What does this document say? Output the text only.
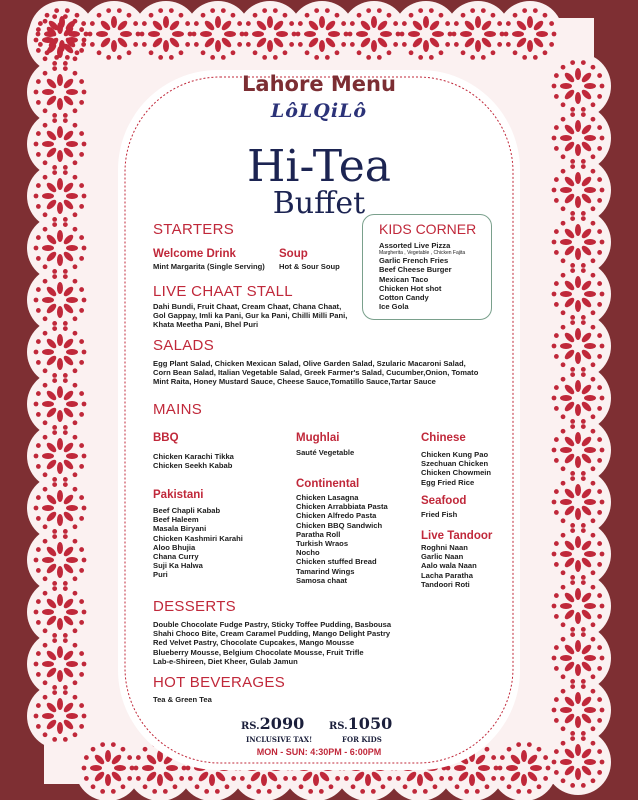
Lahore Menu
LôLQiLô
Hi-Tea
Buffet
STARTERS
Welcome Drink
Mint Margarita (Single Serving)
Soup
Hot & Sour Soup
KIDS CORNER
Assorted Live Pizza
Margherita , Vegetable , Chicken Fajita
Garlic French Fries
Beef Cheese Burger
Mexican Taco
Chicken Hot shot
Cotton Candy
Ice Gola
LIVE CHAAT STALL
Dahi Bundi, Fruit Chaat, Cream Chaat, Chana Chaat,
Gol Gappay, Imli ka Pani, Gur ka Pani, Chilli Milli Pani,
Khata Meetha Pani, Bhel Puri
SALADS
Egg Plant Salad, Chicken Mexican Salad, Olive Garden Salad, Szularic Macaroni Salad,
Corn Bean Salad, Italian Vegetable Salad, Greek Farmer's Salad, Cucumber,Onion, Tomato
Mint Raita, Honey Mustard Sauce, Cheese Sauce,Tomatillo Sauce,Tartar Sauce
MAINS
BBQ
Chicken Karachi Tikka
Chicken Seekh Kabab
Pakistani
Beef Chapli Kabab
Beef Haleem
Masala Biryani
Chicken Kashmiri Karahi
Aloo Bhujia
Chana Curry
Suji Ka Halwa
Puri
Mughlai
Sauté Vegetable
Continental
Chicken Lasagna
Chicken Arrabbiata Pasta
Chicken Alfredo Pasta
Chicken BBQ Sandwich
Paratha Roll
Turkish Wraos
Nocho
Chicken stuffed Bread
Tamarind Wings
Samosa chaat
Chinese
Chicken Kung Pao
Szechuan Chicken
Chicken Chowmein
Egg Fried Rice
Seafood
Fried Fish
Live Tandoor
Roghni Naan
Garlic Naan
Aalo wala Naan
Lacha Paratha
Tandoori Roti
DESSERTS
Double Chocolate Fudge Pastry, Sticky Toffee Pudding, Basbousa
Shahi Choco Bite, Cream Caramel Pudding, Mango Delight Pastry
Red Velvet Pastry, Chocolate Cupcakes, Mango Mousse
Blueberry Mousse, Belgium Chocolate Mousse, Fruit Trifle
Lab-e-Shireen, Diet Kheer, Gulab Jamun
HOT BEVERAGES
Tea & Green Tea
RS.2090
INCLUSIVE TAX!
RS.1050
FOR KIDS
MON - SUN: 4:30PM - 6:00PM
